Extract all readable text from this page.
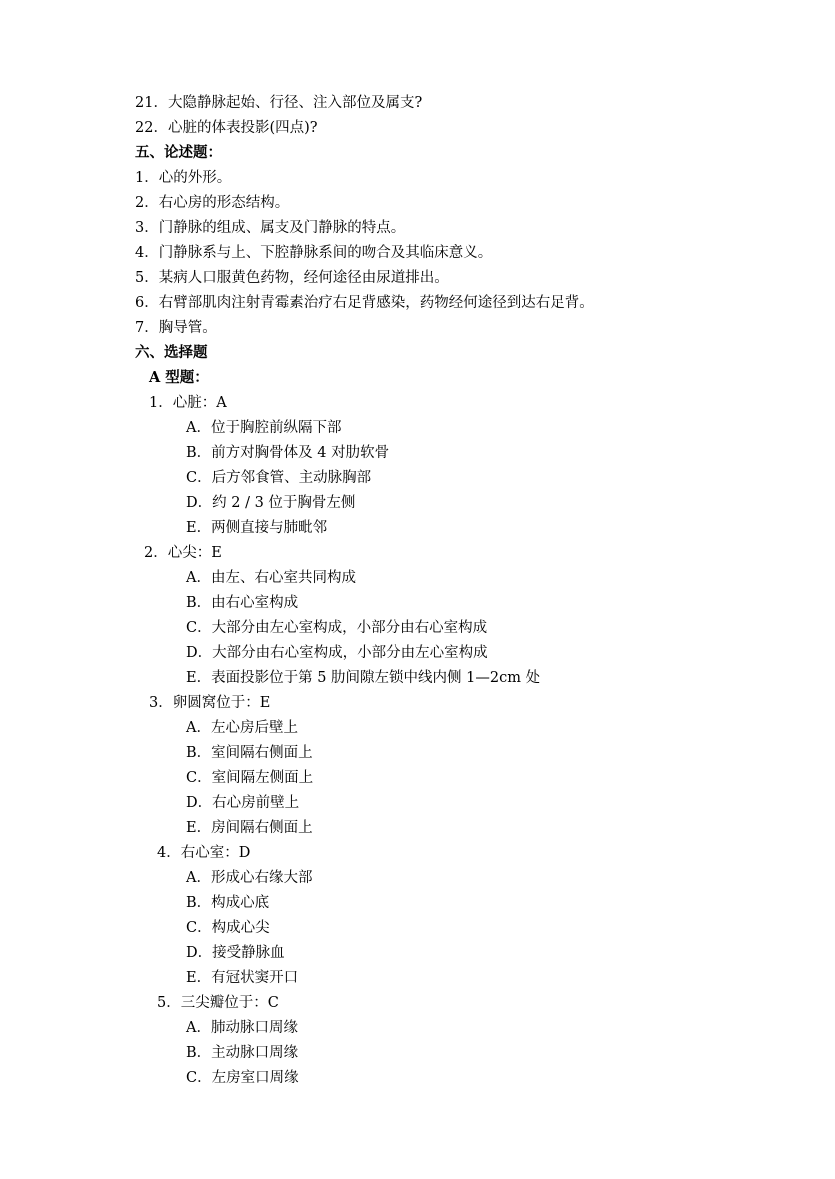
21．大隐静脉起始、行径、注入部位及属支?
22．心脏的体表投影(四点)?
五、论述题：
1．心的外形。
2．右心房的形态结构。
3．门静脉的组成、属支及门静脉的特点。
4．门静脉系与上、下腔静脉系间的吻合及其临床意义。
5．某病人口服黄色药物，经何途径由尿道排出。
6．右臂部肌肉注射青霉素治疗右足背感染，药物经何途径到达右足背。
7．胸导管。
六、选择题
A 型题：
1．心脏：A
A．位于胸腔前纵隔下部
B．前方对胸骨体及 4 对肋软骨
C．后方邻食管、主动脉胸部
D．约 2 / 3 位于胸骨左侧
E．两侧直接与肺毗邻
2．心尖：E
A．由左、右心室共同构成
B．由右心室构成
C．大部分由左心室构成，小部分由右心室构成
D．大部分由右心室构成，小部分由左心室构成
E．表面投影位于第 5 肋间隙左锁中线内侧 1—2cm 处
3．卵圆窝位于：E
A．左心房后壁上
B．室间隔右侧面上
C．室间隔左侧面上
D．右心房前壁上
E．房间隔右侧面上
4．右心室：D
A．形成心右缘大部
B．构成心底
C．构成心尖
D．接受静脉血
E．有冠状窦开口
5．三尖瓣位于：C
A．肺动脉口周缘
B．主动脉口周缘
C．左房室口周缘
